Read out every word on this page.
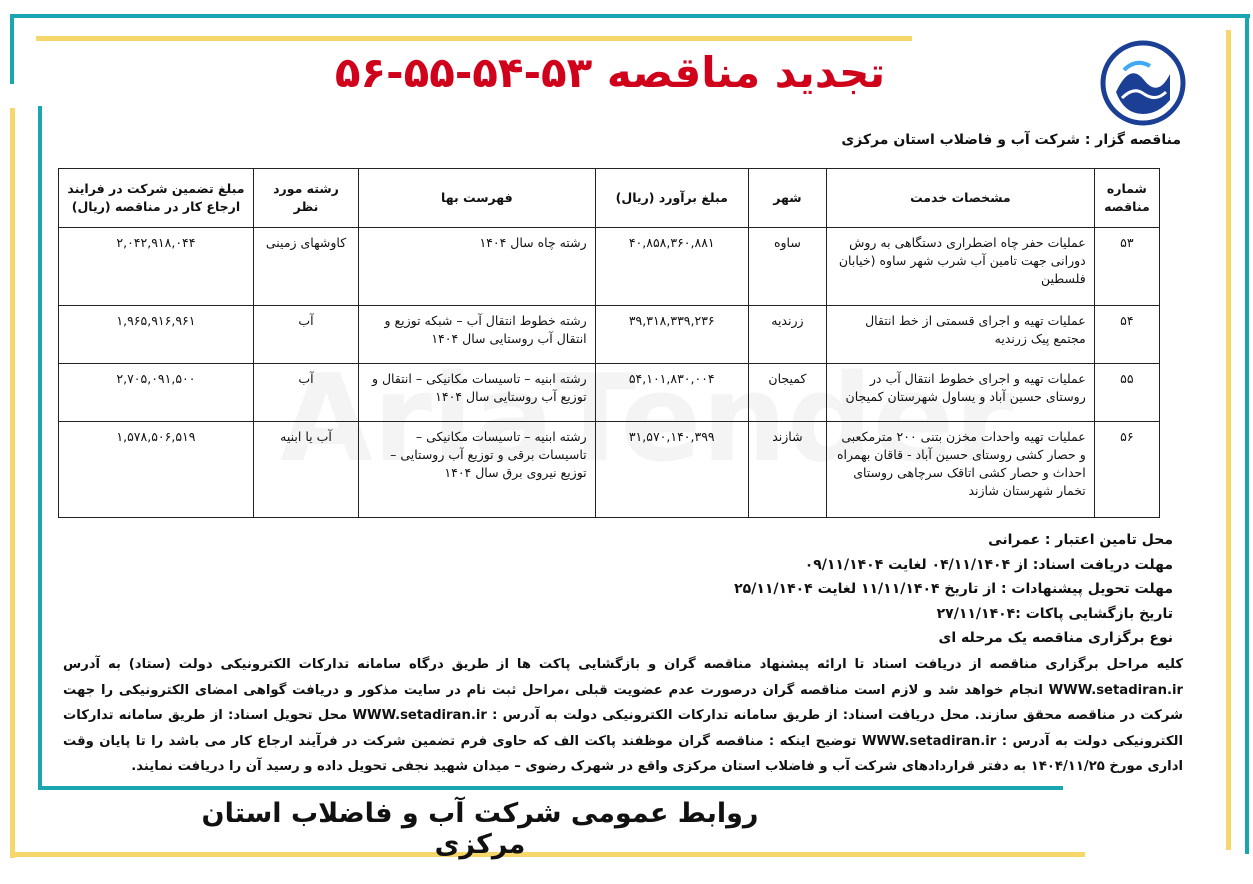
تجدید مناقصه ۵۳-۵۴-۵۵-۵۶
مناقصه گزار : شرکت آب و فاضلاب استان مرکزی
شماره مناقصه	مشخصات خدمت	شهر	مبلغ برآورد (ریال)	فهرست بها	رشته مورد نظر	مبلغ تضمین شرکت در فرایند ارجاع کار در مناقصه (ریال)
۵۳	عملیات حفر چاه اضطراری دستگاهی به روش دورانی جهت تامین آب شرب شهر ساوه (خیابان فلسطین	ساوه	۴۰,۸۵۸,۳۶۰,۸۸۱	رشته چاه سال ۱۴۰۴	کاوشهای زمینی	۲,۰۴۲,۹۱۸,۰۴۴
۵۴	عملیات تهیه و اجرای قسمتی از خط انتقال مجتمع پیک زرندیه	زرندیه	۳۹,۳۱۸,۳۳۹,۲۳۶	رشته خطوط انتقال آب – شبکه توزیع و انتقال آب روستایی سال ۱۴۰۴	آب	۱,۹۶۵,۹۱۶,۹۶۱
۵۵	عملیات تهیه و اجرای خطوط انتقال آب در روستای حسین آباد و یساول شهرستان کمیجان	کمیجان	۵۴,۱۰۱,۸۳۰,۰۰۴	رشته ابنیه – تاسیسات مکانیکی – انتقال و توزیع آب روستایی سال ۱۴۰۴	آب	۲,۷۰۵,۰۹۱,۵۰۰
۵۶	عملیات تهیه واحدات مخزن بتنی ۲۰۰ مترمکعبی و حصار کشی روستای حسین آباد - قاقان بهمراه احداث و حصار کشی اتاقک سرچاهی روستای تخمار شهرستان شازند	شازند	۳۱,۵۷۰,۱۴۰,۳۹۹	رشته ابنیه – تاسیسات مکانیکی – تاسیسات برقی و توزیع آب روستایی – توزیع نیروی برق سال ۱۴۰۴	آب یا ابنیه	۱,۵۷۸,۵۰۶,۵۱۹
محل تامین اعتبار : عمرانی
مهلت دریافت اسناد: از ۰۴/۱۱/۱۴۰۴ لغایت ۰۹/۱۱/۱۴۰۴
مهلت تحویل پیشنهادات : از تاریخ ۱۱/۱۱/۱۴۰۴ لغایت ۲۵/۱۱/۱۴۰۴
تاریخ بازگشایی پاکات :۲۷/۱۱/۱۴۰۴
نوع برگزاری مناقصه یک مرحله ای
کلیه مراحل برگزاری مناقصه از دریافت اسناد تا ارائه پیشنهاد مناقصه گران و بازگشایی پاکت ها از طریق درگاه سامانه تدارکات الکترونیکی دولت (ستاد) به آدرس WWW.setadiran.ir انجام خواهد شد و لازم است مناقصه گران درصورت عدم عضویت قبلی ،مراحل ثبت نام در سایت مذکور و دریافت گواهی امضای الکترونیکی را جهت شرکت در مناقصه محقق سازند. محل دریافت اسناد: از طریق سامانه تدارکات الکترونیکی دولت به آدرس : WWW.setadiran.ir محل تحویل اسناد: از طریق سامانه تدارکات الکترونیکی دولت به آدرس : WWW.setadiran.ir توضیح اینکه : مناقصه گران موظفند پاکت الف که حاوی فرم تضمین شرکت در فرآیند ارجاع کار می باشد را تا پایان وقت اداری مورخ ۱۴۰۴/۱۱/۲۵ به دفتر قراردادهای شرکت آب و فاضلاب استان مرکزی واقع در شهرک رضوی – میدان شهید نجفی تحویل داده و رسید آن را دریافت نمایند.
روابط عمومی شرکت آب و فاضلاب استان مرکزی
